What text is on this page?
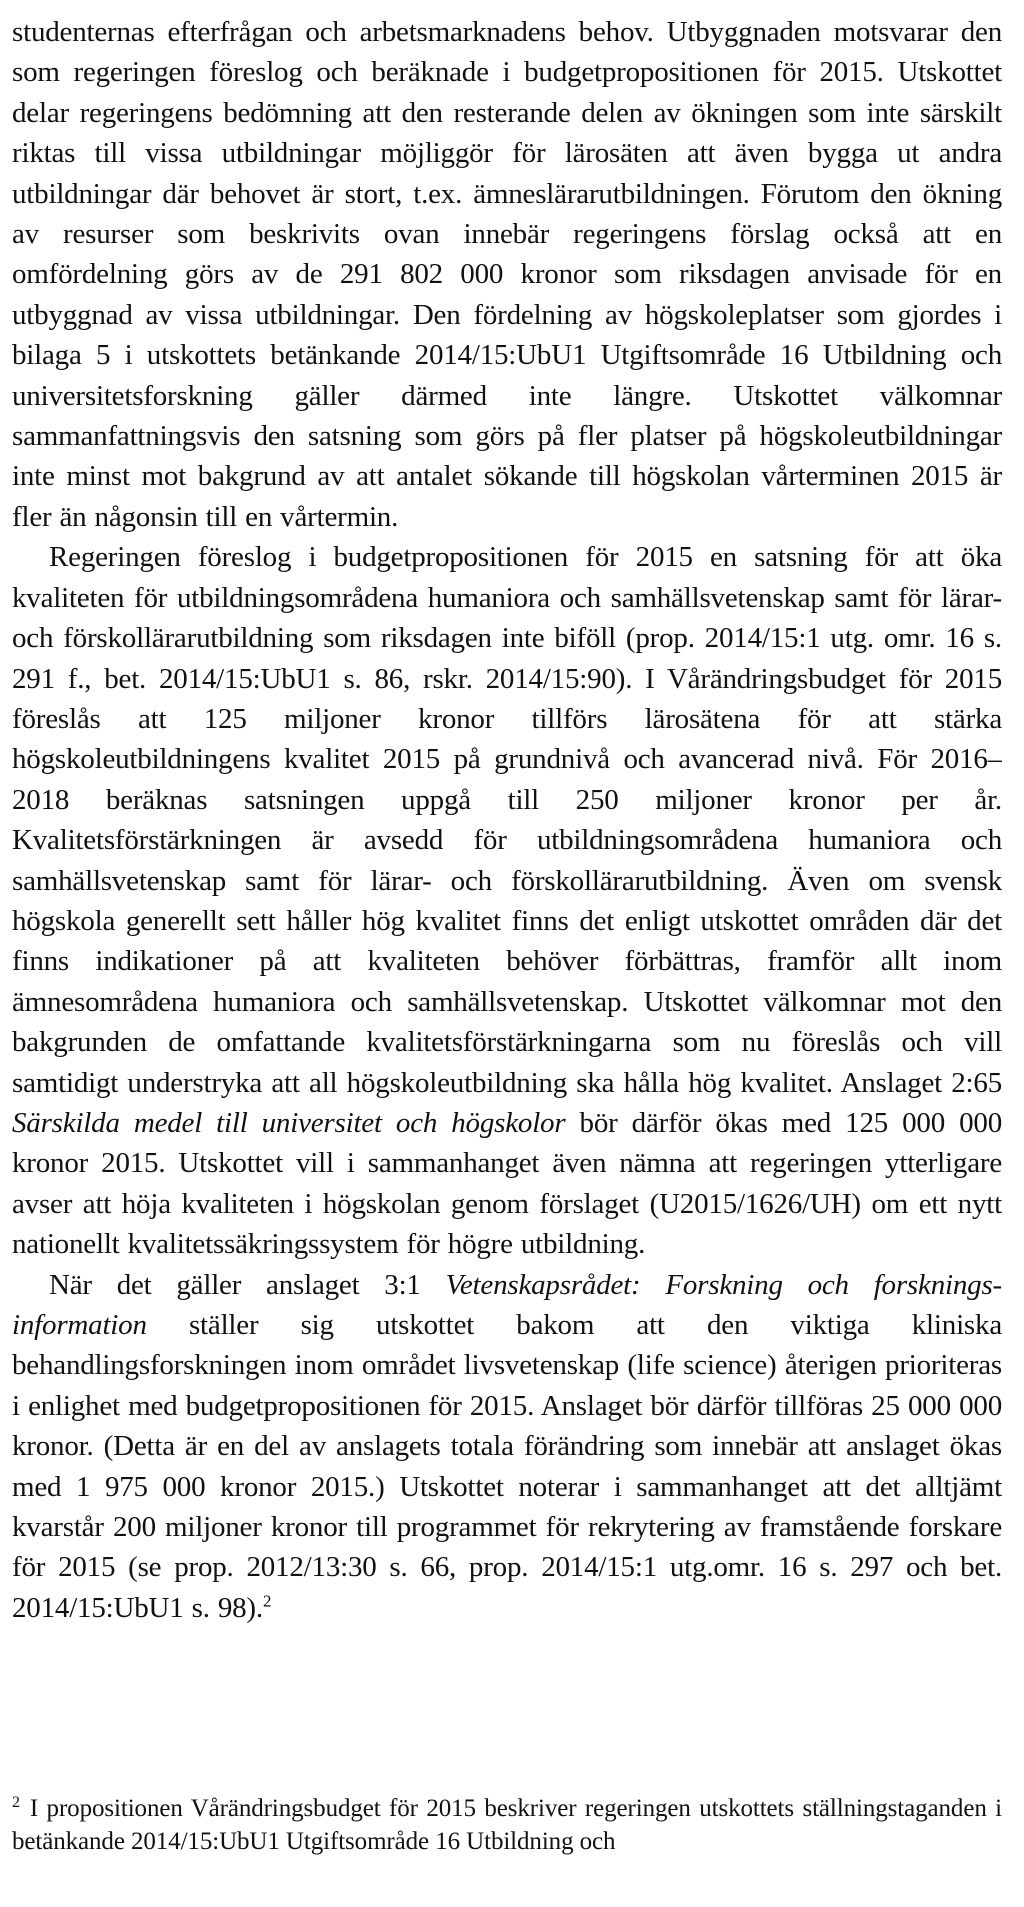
studenternas efterfrågan och arbetsmarknadens behov. Utbyggnaden motsvarar den som regeringen föreslog och beräknade i budgetpropositionen för 2015. Utskottet delar regeringens bedömning att den resterande delen av ökningen som inte särskilt riktas till vissa utbildningar möjliggör för lärosäten att även bygga ut andra utbildningar där behovet är stort, t.ex. ämneslärarutbildningen. Förutom den ökning av resurser som beskrivits ovan innebär regeringens förslag också att en omfördelning görs av de 291 802 000 kronor som riksdagen anvisade för en utbyggnad av vissa utbildningar. Den fördelning av högskoleplatser som gjordes i bilaga 5 i utskottets betänkande 2014/15:UbU1 Utgiftsområde 16 Utbildning och universitetsforskning gäller därmed inte längre. Utskottet välkomnar sammanfattningsvis den satsning som görs på fler platser på högskoleutbildningar inte minst mot bakgrund av att antalet sökande till högskolan vårterminen 2015 är fler än någonsin till en vårtermin.

Regeringen föreslog i budgetpropositionen för 2015 en satsning för att öka kvaliteten för utbildningsområdena humaniora och samhällsvetenskap samt för lärar- och förskollärarutbildning som riksdagen inte biföll (prop. 2014/15:1 utg. omr. 16 s. 291 f., bet. 2014/15:UbU1 s. 86, rskr. 2014/15:90). I Vårändringsbudget för 2015 föreslås att 125 miljoner kronor tillförs lärosätena för att stärka högskoleutbildningens kvalitet 2015 på grundnivå och avancerad nivå. För 2016–2018 beräknas satsningen uppgå till 250 miljoner kronor per år. Kvalitetsförstärkningen är avsedd för utbildningsområdena humaniora och samhällsvetenskap samt för lärar- och förskollärarutbildning. Även om svensk högskola generellt sett håller hög kvalitet finns det enligt utskottet områden där det finns indikationer på att kvaliteten behöver förbättras, framför allt inom ämnesområdena humaniora och samhällsvetenskap. Utskottet välkomnar mot den bakgrunden de omfattande kvalitetsförstärkningarna som nu föreslås och vill samtidigt understryka att all högskoleutbildning ska hålla hög kvalitet. Anslaget 2:65 Särskilda medel till universitet och högskolor bör därför ökas med 125 000 000 kronor 2015. Utskottet vill i sammanhanget även nämna att regeringen ytterligare avser att höja kvaliteten i högskolan genom förslaget (U2015/1626/UH) om ett nytt nationellt kvalitetssäkringssystem för högre utbildning.

När det gäller anslaget 3:1 Vetenskapsrådet: Forskning och forsknings-information ställer sig utskottet bakom att den viktiga kliniska behandlingsforskningen inom området livsvetenskap (life science) återigen prioriteras i enlighet med budgetpropositionen för 2015. Anslaget bör därför tillföras 25 000 000 kronor. (Detta är en del av anslagets totala förändring som innebär att anslaget ökas med 1 975 000 kronor 2015.) Utskottet noterar i sammanhanget att det alltjämt kvarstår 200 miljoner kronor till programmet för rekrytering av framstående forskare för 2015 (se prop. 2012/13:30 s. 66, prop. 2014/15:1 utg.omr. 16 s. 297 och bet. 2014/15:UbU1 s. 98).$^2$

$^2$ I propositionen Vårändringsbudget för 2015 beskriver regeringen utskottets ställningstaganden i betänkande 2014/15:UbU1 Utgiftsområde 16 Utbildning och
